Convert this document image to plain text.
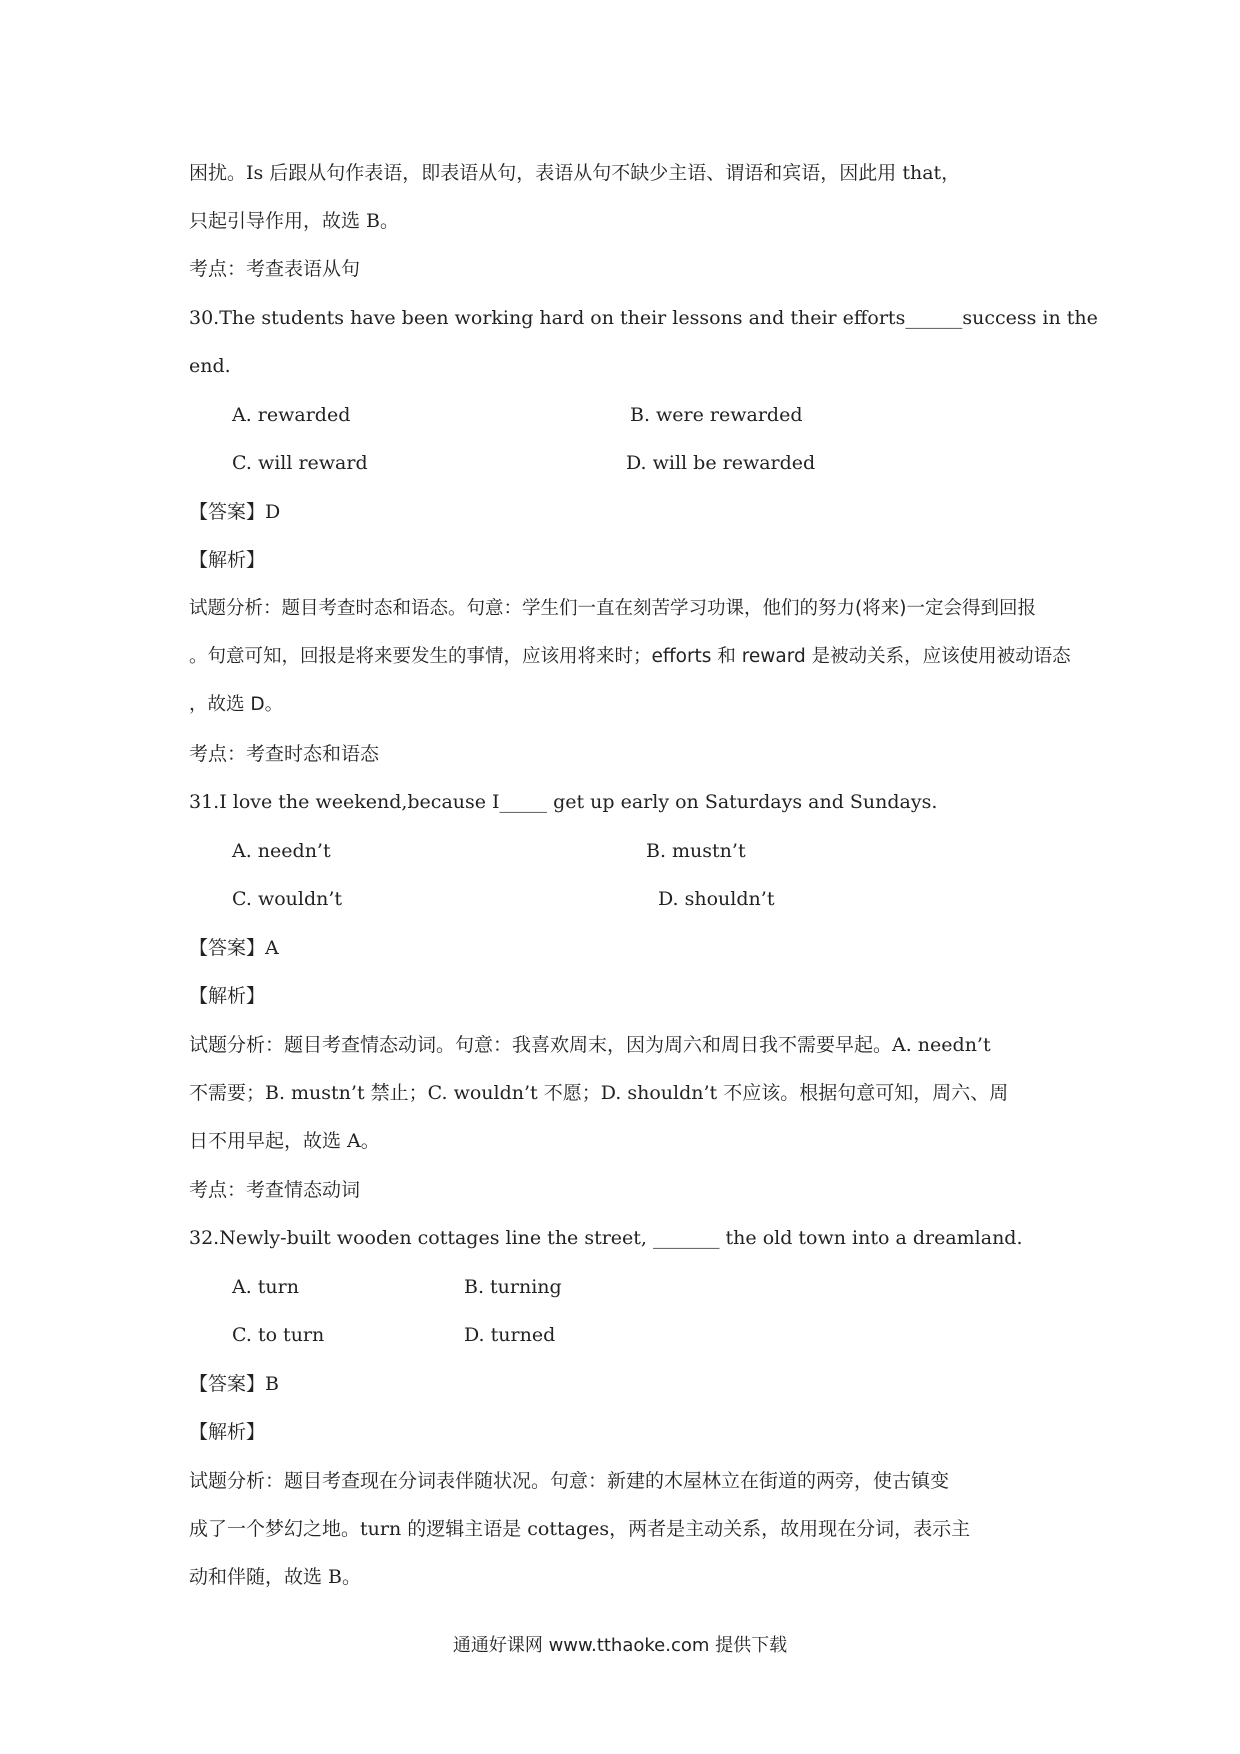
困扰。Is 后跟从句作表语，即表语从句，表语从句不缺少主语、谓语和宾语，因此用 that，
只起引导作用，故选 B。
考点：考查表语从句
30.The students have been working hard on their lessons and their efforts______ success in the
end.
A. rewarded	B. were rewarded
C. will reward	D. will be rewarded
【答案】D
【解析】
试题分析：题目考查时态和语态。句意：学生们一直在刻苦学习功课，他们的努力(将来)一定会得到回报
。句意可知，回报是将来要发生的事情，应该用将来时；efforts 和 reward 是被动关系，应该使用被动语态
，故选 D。
考点：考查时态和语态
31.I love the weekend,because I_____ get up early on Saturdays and Sundays.
A. needn’t	B. mustn’t
C. wouldn’t	D. shouldn’t
【答案】A
【解析】
试题分析：题目考查情态动词。句意：我喜欢周末，因为周六和周日我不需要早起。A. needn’t
不需要；B. mustn’t 禁止；C. wouldn’t 不愿；D. shouldn’t 不应该。根据句意可知，周六、周
日不用早起，故选 A。
考点：考查情态动词
32.Newly-built wooden cottages line the street, _______ the old town into a dreamland.
A. turn	B. turning
C. to turn	D. turned
【答案】B
【解析】
试题分析：题目考查现在分词表伴随状况。句意：新建的木屋林立在街道的两旁，使古镇变
成了一个梦幻之地。turn 的逻辑主语是 cottages，两者是主动关系，故用现在分词，表示主
动和伴随，故选 B。
通通好课网 www.tthaoke.com 提供下载
